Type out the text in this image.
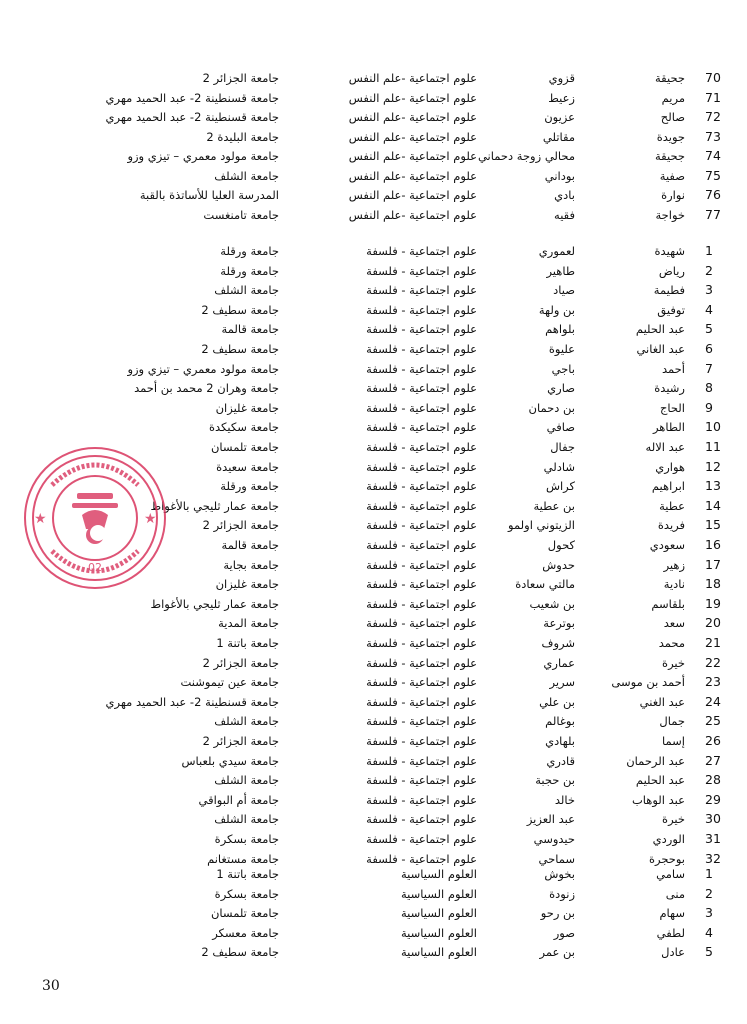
70
جحيقة
قزوي
علوم اجتماعية -علم النفس
جامعة الجزائر 2
71
مريم
زعيط
علوم اجتماعية -علم النفس
جامعة قسنطينة 2- عبد الحميد مهري
72
صالح
عزيون
علوم اجتماعية -علم النفس
جامعة قسنطينة 2- عبد الحميد مهري
73
جويدة
مقاتلي
علوم اجتماعية -علم النفس
جامعة البليدة 2
74
جحيقة
محالي زوجة دحماني
علوم اجتماعية -علم النفس
جامعة مولود معمري – تيزي وزو
75
صفية
بوداني
علوم اجتماعية -علم النفس
جامعة الشلف
76
نوارة
بادي
علوم اجتماعية -علم النفس
المدرسة العليا للأساتذة بالقبة
77
خواجة
فقيه
علوم اجتماعية -علم النفس
جامعة تامنغست
1
شهيدة
لعموري
علوم اجتماعية - فلسفة
جامعة ورقلة
2
رياض
طاهير
علوم اجتماعية - فلسفة
جامعة ورقلة
3
فطيمة
صياد
علوم اجتماعية - فلسفة
جامعة الشلف
4
توفيق
بن ولهة
علوم اجتماعية - فلسفة
جامعة سطيف 2
5
عبد الحليم
بلواهم
علوم اجتماعية - فلسفة
جامعة قالمة
6
عبد الغاني
عليوة
علوم اجتماعية - فلسفة
جامعة سطيف 2
7
أحمد
باجي
علوم اجتماعية - فلسفة
جامعة مولود معمري – تيزي وزو
8
رشيدة
صاري
علوم اجتماعية - فلسفة
جامعة وهران 2 محمد بن أحمد
9
الحاج
بن دحمان
علوم اجتماعية - فلسفة
جامعة غليزان
10
الطاهر
صافي
علوم اجتماعية - فلسفة
جامعة سكيكدة
11
عبد الاله
جفال
علوم اجتماعية - فلسفة
جامعة تلمسان
12
هواري
شادلي
علوم اجتماعية - فلسفة
جامعة سعيدة
13
ابراهيم
كراش
علوم اجتماعية - فلسفة
جامعة ورقلة
14
عطية
بن عطية
علوم اجتماعية - فلسفة
جامعة عمار ثليجي بالأغواط
15
فريدة
الزيتوني اولمو
علوم اجتماعية - فلسفة
جامعة الجزائر 2
16
سعودي
كحول
علوم اجتماعية - فلسفة
جامعة قالمة
17
زهير
حدوش
علوم اجتماعية - فلسفة
جامعة بجاية
18
نادية
مالتي سعادة
علوم اجتماعية - فلسفة
جامعة غليزان
19
بلقاسم
بن شعيب
علوم اجتماعية - فلسفة
جامعة عمار ثليجي بالأغواط
20
سعد
بوترعة
علوم اجتماعية - فلسفة
جامعة المدية
21
محمد
شروف
علوم اجتماعية - فلسفة
جامعة باتنة 1
22
خيرة
عماري
علوم اجتماعية - فلسفة
جامعة الجزائر 2
23
أحمد بن موسى
سرير
علوم اجتماعية - فلسفة
جامعة عين تيموشنت
24
عبد الغني
بن علي
علوم اجتماعية - فلسفة
جامعة قسنطينة 2- عبد الحميد مهري
25
جمال
بوغالم
علوم اجتماعية - فلسفة
جامعة الشلف
26
إسما
بلهادي
علوم اجتماعية - فلسفة
جامعة الجزائر 2
27
عبد الرحمان
قادري
علوم اجتماعية - فلسفة
جامعة سيدي بلعباس
28
عبد الحليم
بن حجبة
علوم اجتماعية - فلسفة
جامعة الشلف
29
عبد الوهاب
خالد
علوم اجتماعية - فلسفة
جامعة أم البواقي
30
خيرة
عبد العزيز
علوم اجتماعية - فلسفة
جامعة الشلف
31
الوردي
حيدوسي
علوم اجتماعية - فلسفة
جامعة بسكرة
32
بوحجرة
سماحي
علوم اجتماعية - فلسفة
جامعة مستغانم
1
سامي
بخوش
العلوم السياسية
جامعة باتنة 1
2
منى
زنودة
العلوم السياسية
جامعة بسكرة
3
سهام
بن رحو
العلوم السياسية
جامعة تلمسان
4
لطفي
صور
العلوم السياسية
جامعة معسكر
5
عادل
بن عمر
العلوم السياسية
جامعة سطيف 2
★	★
02
30
